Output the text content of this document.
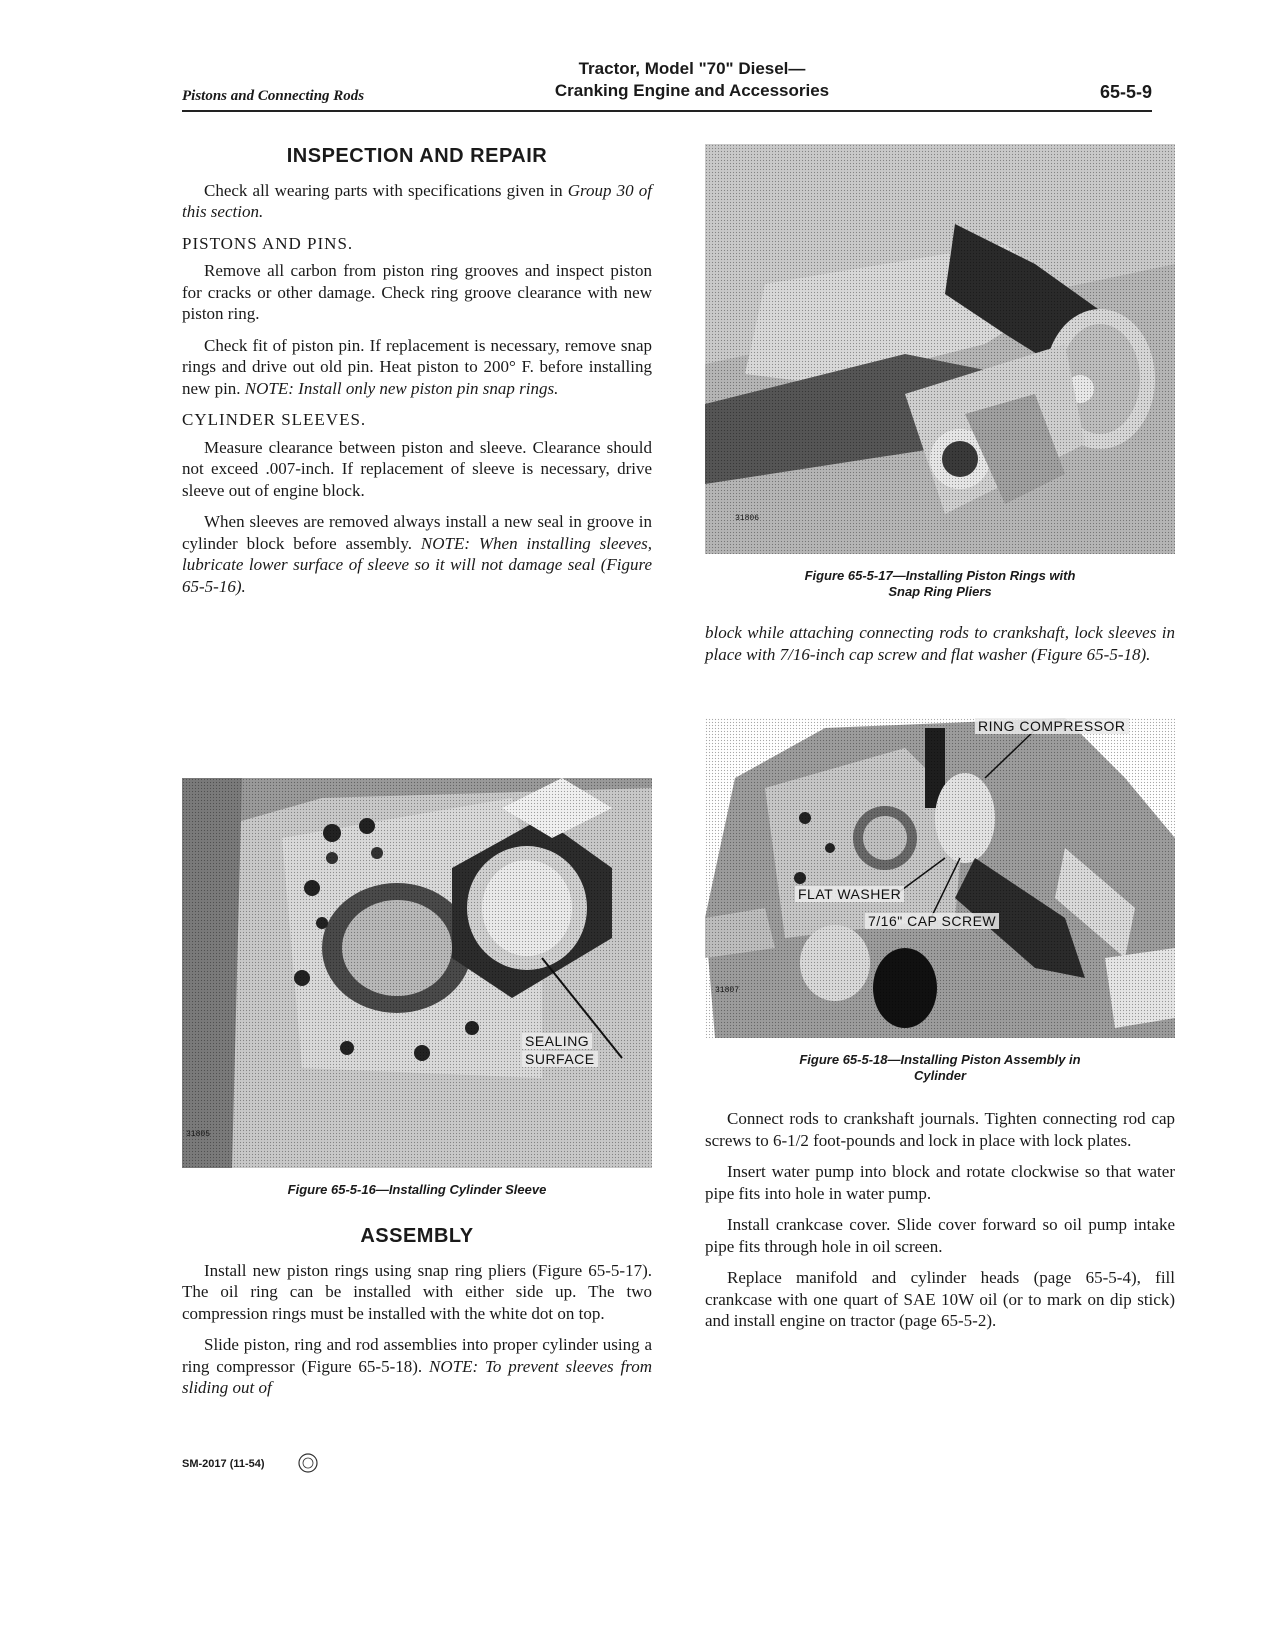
Pistons and Connecting Rods
Tractor, Model "70" Diesel—
Cranking Engine and Accessories	65-5-9
INSPECTION AND REPAIR

Check all wearing parts with specifications given in Group 30 of this section.

PISTONS AND PINS.

Remove all carbon from piston ring grooves and inspect piston for cracks or other damage. Check ring groove clearance with new piston ring.

Check fit of piston pin. If replacement is necessary, remove snap rings and drive out old pin. Heat piston to 200° F. before installing new pin. NOTE: Install only new piston pin snap rings.

CYLINDER SLEEVES.

Measure clearance between piston and sleeve. Clearance should not exceed .007-inch. If replacement of sleeve is necessary, drive sleeve out of engine block.

When sleeves are removed always install a new seal in groove in cylinder block before assembly. NOTE: When installing sleeves, lubricate lower surface of sleeve so it will not damage seal (Figure 65-5-16).

SEALING
SURFACE
31805
Figure 65-5-16—Installing Cylinder Sleeve
ASSEMBLY

Install new piston rings using snap ring pliers (Figure 65-5-17). The oil ring can be installed with either side up. The two compression rings must be installed with the white dot on top.

Slide piston, ring and rod assemblies into proper cylinder using a ring compressor (Figure 65-5-18). NOTE: To prevent sleeves from sliding out of

31806
Figure 65-5-17—Installing Piston Rings with
Snap Ring Pliers

block while attaching connecting rods to crankshaft, lock sleeves in place with 7/16-inch cap screw and flat washer (Figure 65-5-18).

RING COMPRESSOR
FLAT WASHER
7/16" CAP SCREW
31807
Figure 65-5-18—Installing Piston Assembly in
Cylinder

Connect rods to crankshaft journals. Tighten connecting rod cap screws to 6-1/2 foot-pounds and lock in place with lock plates.

Insert water pump into block and rotate clockwise so that water pipe fits into hole in water pump.

Install crankcase cover. Slide cover forward so oil pump intake pipe fits through hole in oil screen.

Replace manifold and cylinder heads (page 65-5-4), fill crankcase with one quart of SAE 10W oil (or to mark on dip stick) and install engine on tractor (page 65-5-2).

SM-2017 (11-54)
